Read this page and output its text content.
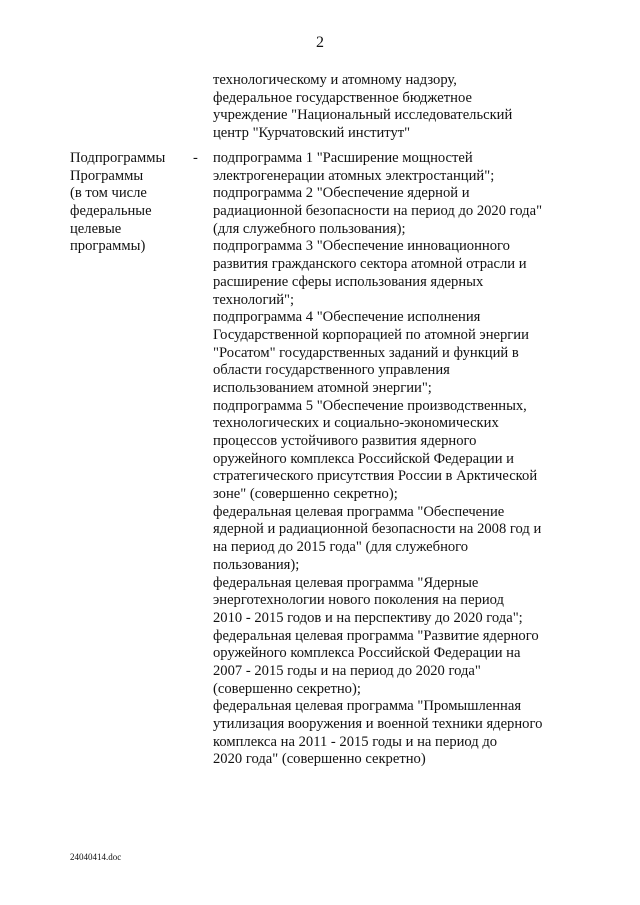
2
технологическому и атомному надзору,
федеральное государственное бюджетное
учреждение "Национальный исследовательский
центр "Курчатовский институт"
Подпрограммы
Программы
(в том числе
федеральные
целевые
программы)
- подпрограмма 1 "Расширение мощностей
электрогенерации атомных электростанций";
подпрограмма 2 "Обеспечение ядерной и
радиационной безопасности на период до 2020 года"
(для служебного пользования);
подпрограмма 3 "Обеспечение инновационного
развития гражданского сектора атомной отрасли и
расширение сферы использования ядерных
технологий";
подпрограмма 4 "Обеспечение исполнения
Государственной корпорацией по атомной энергии
"Росатом" государственных заданий и функций в
области государственного управления
использованием атомной энергии";
подпрограмма 5 "Обеспечение производственных,
технологических и социально-экономических
процессов устойчивого развития ядерного
оружейного комплекса Российской Федерации и
стратегического присутствия России в Арктической
зоне" (совершенно секретно);
федеральная целевая программа "Обеспечение
ядерной и радиационной безопасности на 2008 год и
на период до 2015 года" (для служебного
пользования);
федеральная целевая программа "Ядерные
энерготехнологии нового поколения на период
2010 - 2015 годов и на перспективу до 2020 года";
федеральная целевая программа "Развитие ядерного
оружейного комплекса Российской Федерации на
2007 - 2015 годы и на период до 2020 года"
(совершенно секретно);
федеральная целевая программа "Промышленная
утилизация вооружения и военной техники ядерного
комплекса на 2011 - 2015 годы и на период до
2020 года" (совершенно секретно)
24040414.doc
